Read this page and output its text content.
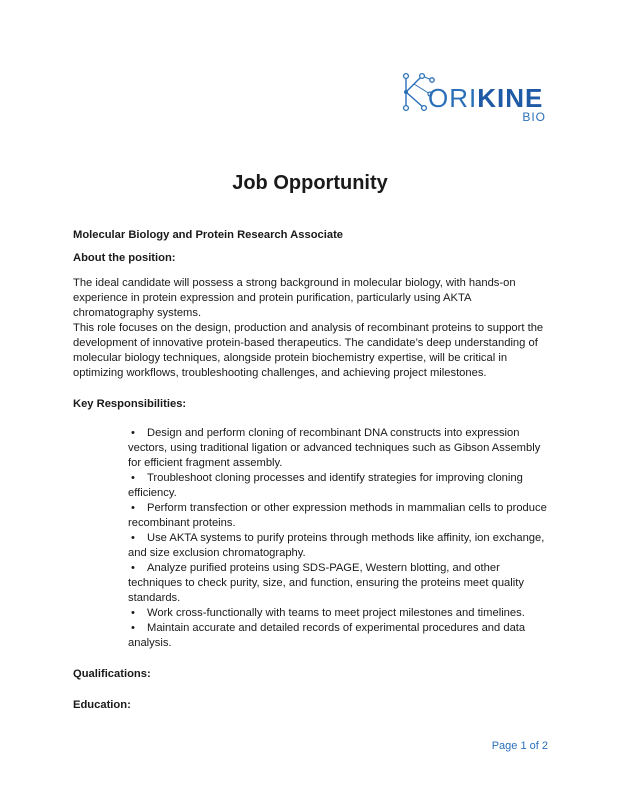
ORIKINE
BIO
Job Opportunity

Molecular Biology and Protein Research Associate

About the position:

The ideal candidate will possess a strong background in molecular biology, with hands-on experience in protein expression and protein purification, particularly using AKTA chromatography systems.

This role focuses on the design, production and analysis of recombinant proteins to support the development of innovative protein-based therapeutics. The candidate’s deep understanding of molecular biology techniques, alongside protein biochemistry expertise, will be critical in optimizing workflows, troubleshooting challenges, and achieving project milestones.

Key Responsibilities:

• Design and perform cloning of recombinant DNA constructs into expression vectors, using traditional ligation or advanced techniques such as Gibson Assembly for efficient fragment assembly.
• Troubleshoot cloning processes and identify strategies for improving cloning efficiency.
• Perform transfection or other expression methods in mammalian cells to produce recombinant proteins.
• Use AKTA systems to purify proteins through methods like affinity, ion exchange, and size exclusion chromatography.
• Analyze purified proteins using SDS-PAGE, Western blotting, and other techniques to check purity, size, and function, ensuring the proteins meet quality standards.
• Work cross-functionally with teams to meet project milestones and timelines.
• Maintain accurate and detailed records of experimental procedures and data analysis.

Qualifications:

Education:

Page 1 of 2
